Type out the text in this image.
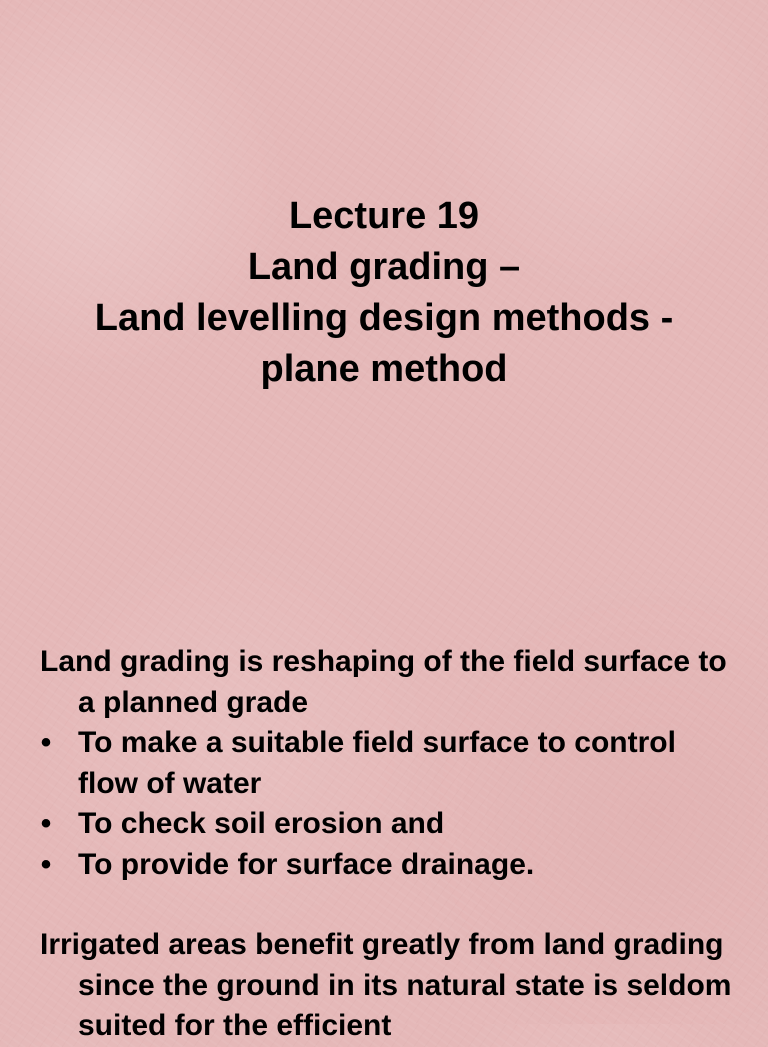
Lecture 19
Land grading –
Land levelling design methods -
plane method

Land grading is reshaping of the field surface to a planned grade

• To make a suitable field surface to control flow of water
• To check soil erosion and
• To provide for surface drainage.

Irrigated areas benefit greatly from land grading since the ground in its natural state is seldom suited for the efficient
